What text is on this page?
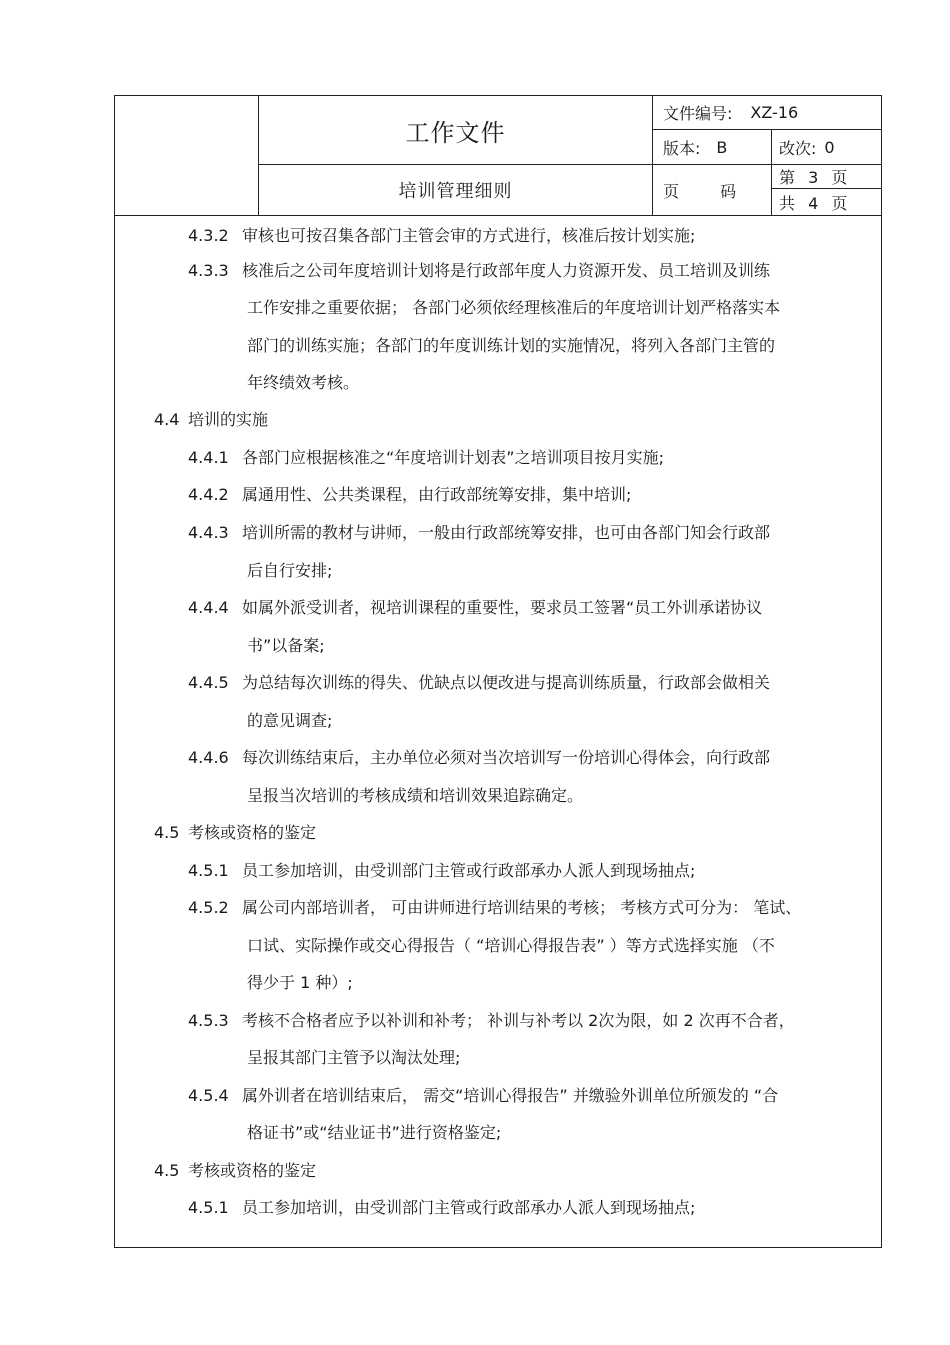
工作文件
培训管理细则
文件编号: XZ-16
版本: B	改次: 0
页 码
第 3 页
共 4 页
4.3.2 审核也可按召集各部门主管会审的方式进行，核准后按计划实施;
4.3.3 核准后之公司年度培训计划将是行政部年度人力资源开发、员工培训及训练
工作安排之重要依据； 各部门必须依经理核准后的年度培训计划严格落实本
部门的训练实施；各部门的年度训练计划的实施情况，将列入各部门主管的
年终绩效考核。
4.4 培训的实施
4.4.1 各部门应根据核准之“年度培训计划表”之培训项目按月实施;
4.4.2 属通用性、公共类课程，由行政部统筹安排，集中培训;
4.4.3 培训所需的教材与讲师，一般由行政部统筹安排，也可由各部门知会行政部
后自行安排;
4.4.4 如属外派受训者，视培训课程的重要性，要求员工签署“员工外训承诺协议
书”以备案;
4.4.5 为总结每次训练的得失、优缺点以便改进与提高训练质量，行政部会做相关
的意见调查;
4.4.6 每次训练结束后，主办单位必须对当次培训写一份培训心得体会，向行政部
呈报当次培训的考核成绩和培训效果追踪确定。
4.5 考核或资格的鉴定
4.5.1 员工参加培训，由受训部门主管或行政部承办人派人到现场抽点;
4.5.2 属公司内部培训者， 可由讲师进行培训结果的考核； 考核方式可分为： 笔试、
口试、实际操作或交心得报告（ “培训心得报告表” ）等方式选择实施 （不
得少于 1 种）;
4.5.3 考核不合格者应予以补训和补考； 补训与补考以 2次为限，如 2 次再不合者，
呈报其部门主管予以淘汰处理;
4.5.4 属外训者在培训结束后， 需交“培训心得报告” 并缴验外训单位所颁发的 “合
格证书”或“结业证书”进行资格鉴定;
4.5 考核或资格的鉴定
4.5.1 员工参加培训，由受训部门主管或行政部承办人派人到现场抽点;
